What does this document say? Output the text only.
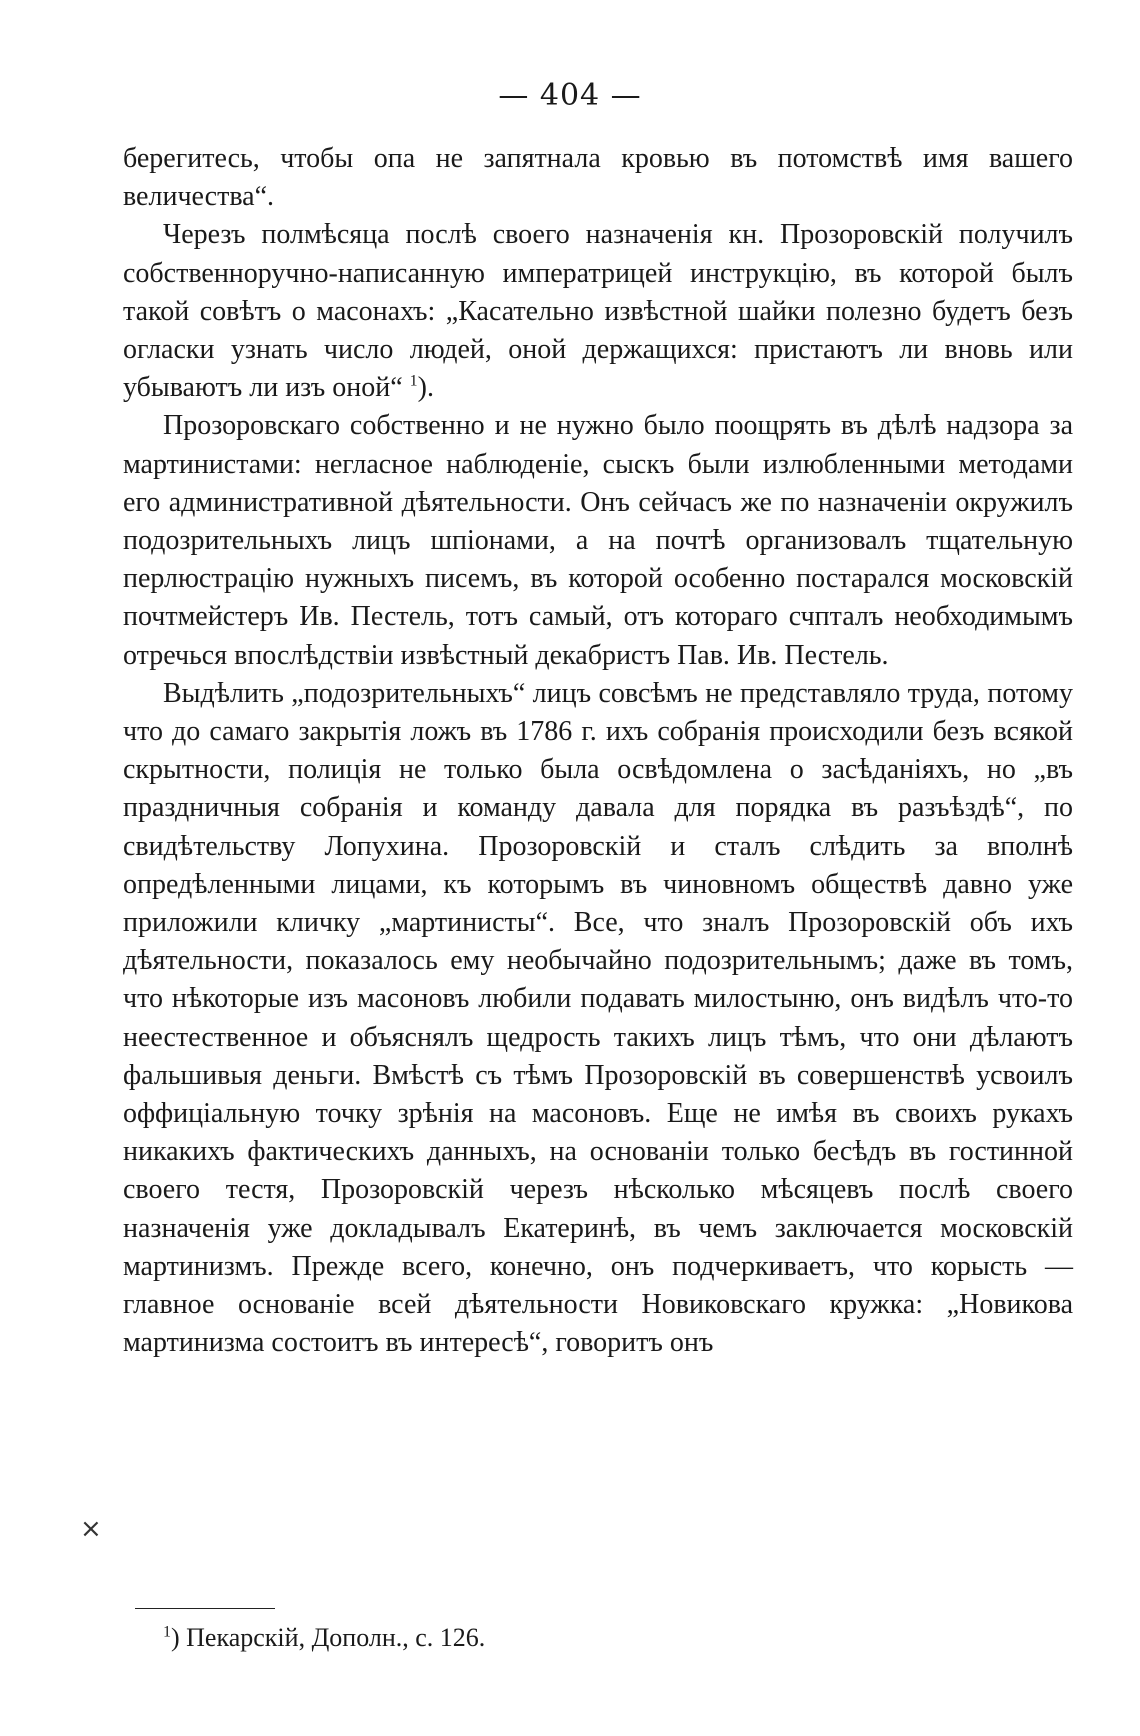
— 404 —

берегитесь, чтобы опа не запятнала кровью въ потомствѣ имя вашего величества“.

Черезъ полмѣсяца послѣ своего назначенія кн. Прозоровскій получилъ собственноручно-написанную императрицей инструкцію, въ которой былъ такой совѣтъ о масонахъ: „Касательно извѣстной шайки полезно будетъ безъ огласки узнать число людей, оной держащихся: пристаютъ ли вновь или убываютъ ли изъ оной“ $^1$).

Прозоровскаго собственно и не нужно было поощрять въ дѣлѣ надзора за мартинистами: негласное наблюденіе, сыскъ были излюбленными методами его административной дѣятельности. Онъ сейчасъ же по назначеніи окружилъ подозрительныхъ лицъ шпіонами, а на почтѣ организовалъ тщательную перлюстрацію нужныхъ писемъ, въ которой особенно постарался московскій почтмейстеръ Ив. Пестель, тотъ самый, отъ котораго счпталъ необходимымъ отречься впослѣдствіи извѣстный декабристъ Пав. Ив. Пестель.

Выдѣлить „подозрительныхъ“ лицъ совсѣмъ не представляло труда, потому что до самаго закрытія ложъ въ 1786 г. ихъ собранія происходили безъ всякой скрытности, полиція не только была освѣдомлена о засѣданіяхъ, но „въ праздничныя собранія и команду давала для порядка въ разъѣздѣ“, по свидѣтельству Лопухина. Прозоровскій и сталъ слѣдить за вполнѣ опредѣленными лицами, къ которымъ въ чиновномъ обществѣ давно уже приложили кличку „мартинисты“. Все, что зналъ Прозоровскій объ ихъ дѣятельности, показалось ему необычайно подозрительнымъ; даже въ томъ, что нѣкоторые изъ масоновъ любили подавать милостыню, онъ видѣлъ что-то неестественное и объяснялъ щедрость такихъ лицъ тѣмъ, что они дѣлаютъ фальшивыя деньги. Вмѣстѣ съ тѣмъ Прозоровскій въ совершенствѣ усвоилъ оффиціальную точку зрѣнія на масоновъ. Еще не имѣя въ своихъ рукахъ никакихъ фактическихъ данныхъ, на основаніи только бесѣдъ въ гостинной своего тестя, Прозоровскій черезъ нѣсколько мѣсяцевъ послѣ своего назначенія уже докладывалъ Екатеринѣ, въ чемъ заключается московскій мартинизмъ. Прежде всего, конечно, онъ подчеркиваетъ, что корысть —главное основаніе всей дѣятельности Новиковскаго кружка: „Новикова мартинизма состоитъ въ интересѣ“, говоритъ онъ

×
$^1$) Пекарскій, Дополн., с. 126.
